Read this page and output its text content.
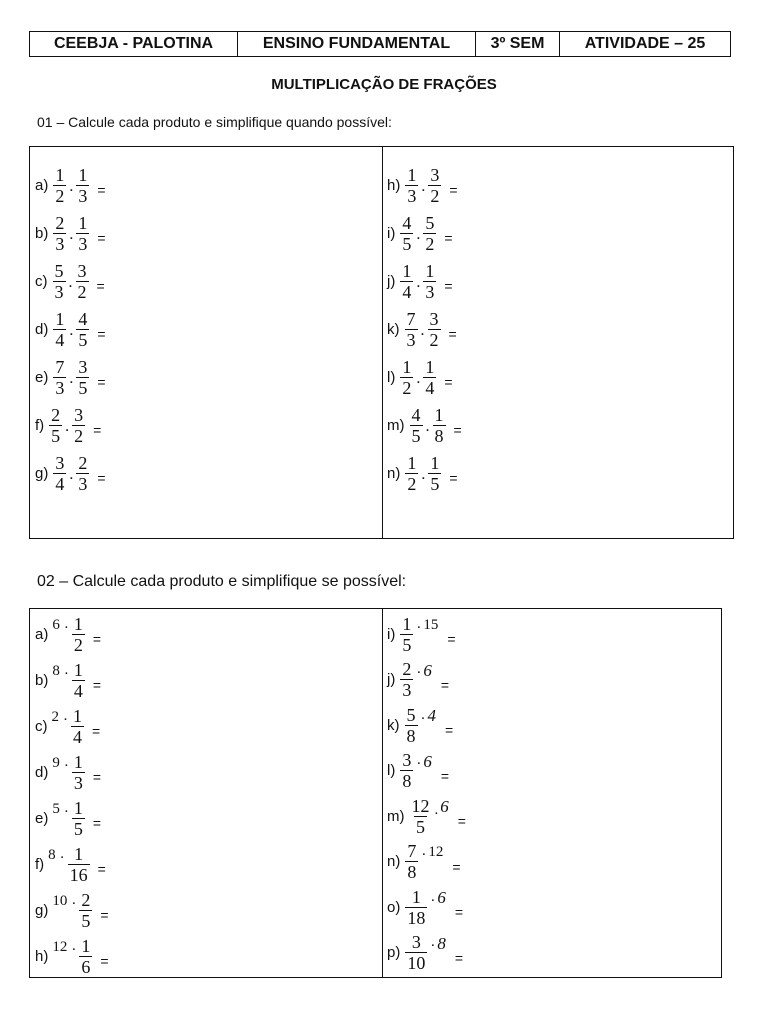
CEEBJA - PALOTINA	ENSINO FUNDAMENTAL	3º SEM	ATIVIDADE – 25
MULTIPLICAÇÃO DE FRAÇÕES
01 – Calcule cada produto e simplifique quando possível:
02 – Calcule cada produto e simplifique se possível:
$a) \frac{1}{2}$ . $\frac{1}{3}$ =
$b) \frac{2}{3}$ . $\frac{1}{3}$ =
$c) \frac{5}{3}$ . $\frac{3}{2}$ =
$d) \frac{1}{4}$ . $\frac{4}{5}$ =
$e) \frac{7}{3}$ . $\frac{3}{5}$ =
$f) \frac{2}{5}$ . $\frac{3}{2}$ =
$g) \frac{3}{4}$ . $\frac{2}{3}$ =
$h) \frac{1}{3}$ . $\frac{3}{2}$ =
$i) \frac{4}{5}$ . $\frac{5}{2}$ =
$j) \frac{1}{4}$ . $\frac{1}{3}$ =
$k) \frac{7}{3}$ . $\frac{3}{2}$ =
$l) \frac{1}{2}$ . $\frac{1}{4}$ =
$m) \frac{4}{5}$ . $\frac{1}{8}$ =
$n) \frac{1}{2}$ . $\frac{1}{5}$ =
a)
$6 \cdot \frac{1}{2}$ =
b)
$8 \cdot \frac{1}{4}$ =
c)
$2 \cdot \frac{1}{4}$ =
d)
$9 \cdot \frac{1}{3}$ =
e)
$5 \cdot \frac{1}{5}$ =
f)
$8 \cdot \frac{1}{16}$ =
g)
$10 \cdot \frac{2}{5}$ =
h)
$12 \cdot \frac{1}{6}$ =
$i) \frac{1}{5} \cdot 15$
=
$j) \frac{2}{3} \cdot 6$
=
$k) \frac{5}{8} \cdot 4$
=
$l) \frac{3}{8} \cdot 6$
=
$m) \frac{12}{5}$ . 6
=
$n) \frac{7}{8} \cdot 12$
=
$o) \frac{1}{18} \cdot 6$
=
$p) \frac{3}{10} \cdot 8$
=
